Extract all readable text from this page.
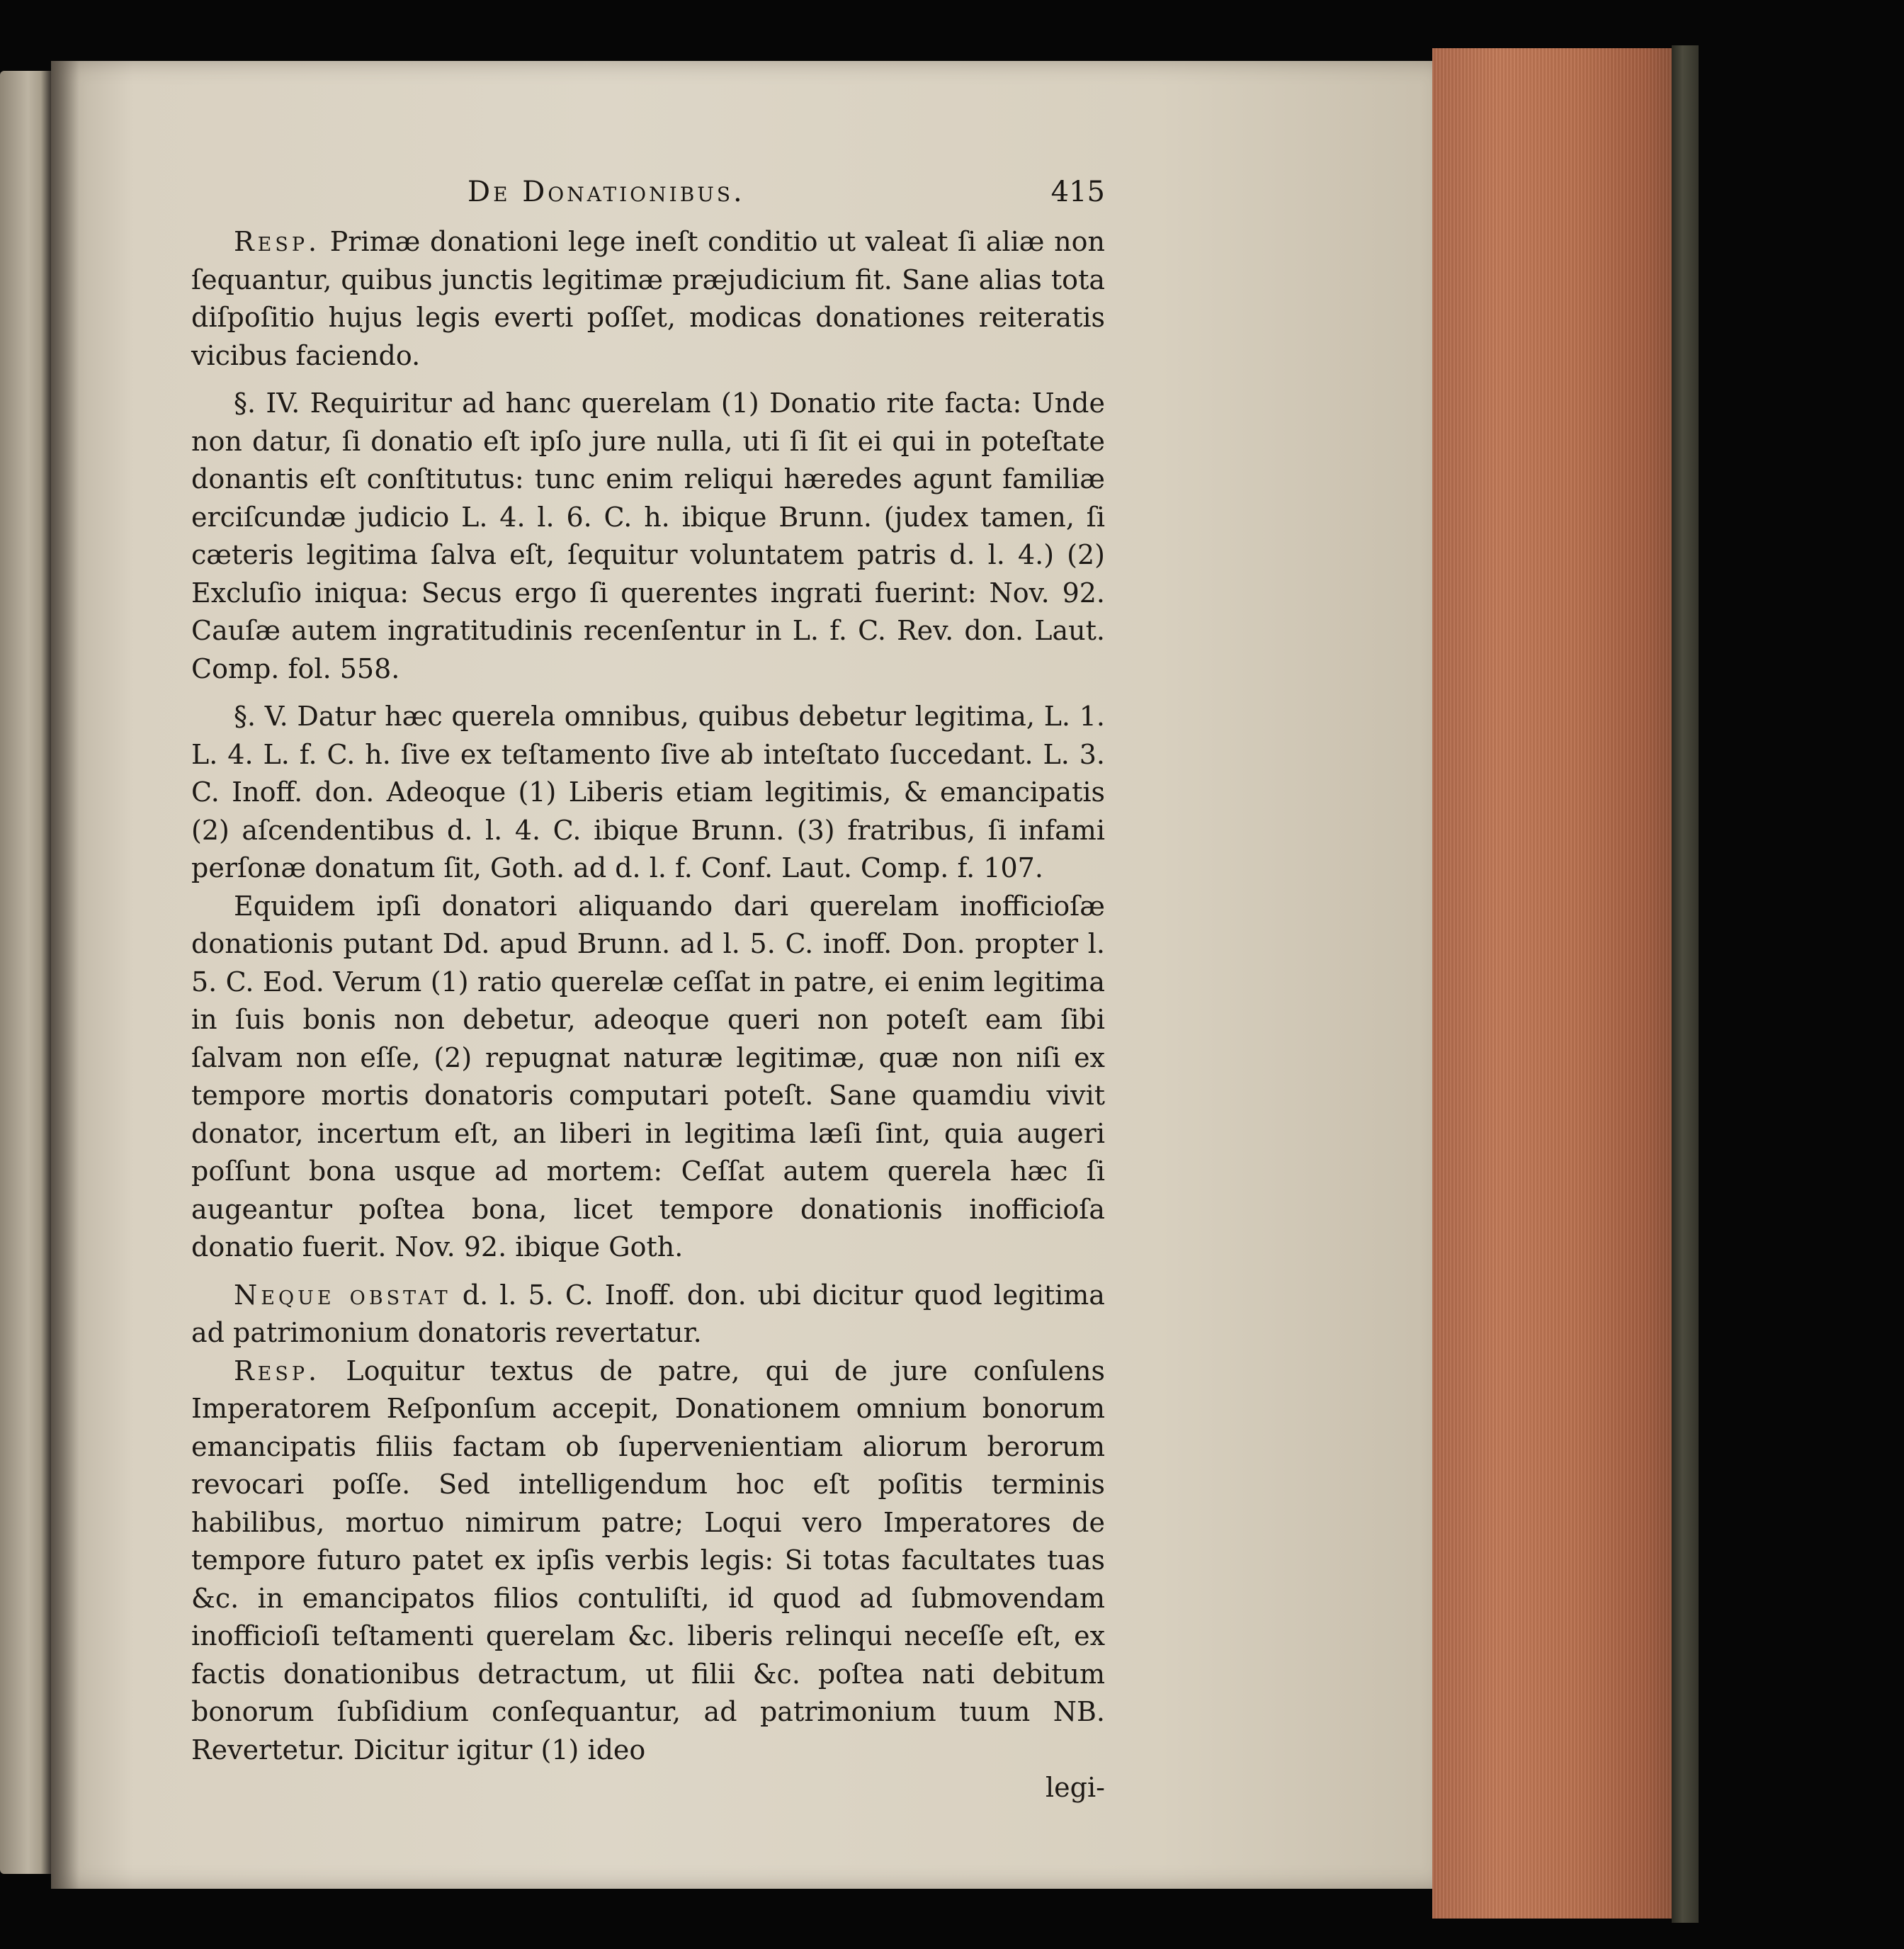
De Donationibus.	415

Resp. Primæ donationi lege ineſt conditio ut valeat ſi aliæ non ſequantur, quibus junctis legitimæ præjudicium fit. Sane alias tota diſpoſitio hujus legis everti poſſet, modicas donationes reiteratis vicibus faciendo.

§. IV. Requiritur ad hanc querelam (1) Donatio rite facta: Unde non datur, ſi donatio eſt ipſo jure nulla, uti ſi ſit ei qui in poteſtate donantis eſt conſtitutus: tunc enim reliqui hæredes agunt familiæ erciſcundæ judicio L. 4. l. 6. C. h. ibique Brunn. (judex tamen, ſi cæteris legitima ſalva eſt, ſequitur voluntatem patris d. l. 4.) (2) Excluſio iniqua: Secus ergo ſi querentes ingrati fuerint: Nov. 92. Cauſæ autem ingratitudinis recenſentur in L. f. C. Rev. don. Laut. Comp. fol. 558.

§. V. Datur hæc querela omnibus, quibus debetur legitima, L. 1. L. 4. L. f. C. h. ſive ex teſtamento ſive ab inteſtato ſuccedant. L. 3. C. Inoff. don. Adeoque (1) Liberis etiam legitimis, & emancipatis (2) aſcendentibus d. l. 4. C. ibique Brunn. (3) fratribus, ſi infami perſonæ donatum ſit, Goth. ad d. l. f. Conf. Laut. Comp. f. 107.

Equidem ipſi donatori aliquando dari querelam inofficioſæ donationis putant Dd. apud Brunn. ad l. 5. C. inoff. Don. propter l. 5. C. Eod. Verum (1) ratio querelæ ceſſat in patre, ei enim legitima in ſuis bonis non debetur, adeoque queri non poteſt eam ſibi ſalvam non eſſe, (2) repugnat naturæ legitimæ, quæ non niſi ex tempore mortis donatoris computari poteſt. Sane quamdiu vivit donator, incertum eſt, an liberi in legitima læſi ſint, quia augeri poſſunt bona usque ad mortem: Ceſſat autem querela hæc ſi augeantur poſtea bona, licet tempore donationis inofficioſa donatio fuerit. Nov. 92. ibique Goth.

Neque obstat d. l. 5. C. Inoff. don. ubi dicitur quod legitima ad patrimonium donatoris revertatur.

Resp. Loquitur textus de patre, qui de jure conſulens Imperatorem Reſponſum accepit, Donationem omnium bonorum emancipatis filiis factam ob ſupervenientiam aliorum berorum revocari poſſe. Sed intelligendum hoc eſt poſitis terminis habilibus, mortuo nimirum patre; Loqui vero Imperatores de tempore futuro patet ex ipſis verbis legis: Si totas facultates tuas &c. in emancipatos filios contuliſti, id quod ad ſubmovendam inofficioſi teſtamenti querelam &c. liberis relinqui neceſſe eſt, ex factis donationibus detractum, ut filii &c. poſtea nati debitum bonorum ſubſidium conſequantur, ad patrimonium tuum NB. Revertetur. Dicitur igitur (1) ideo

legi-
